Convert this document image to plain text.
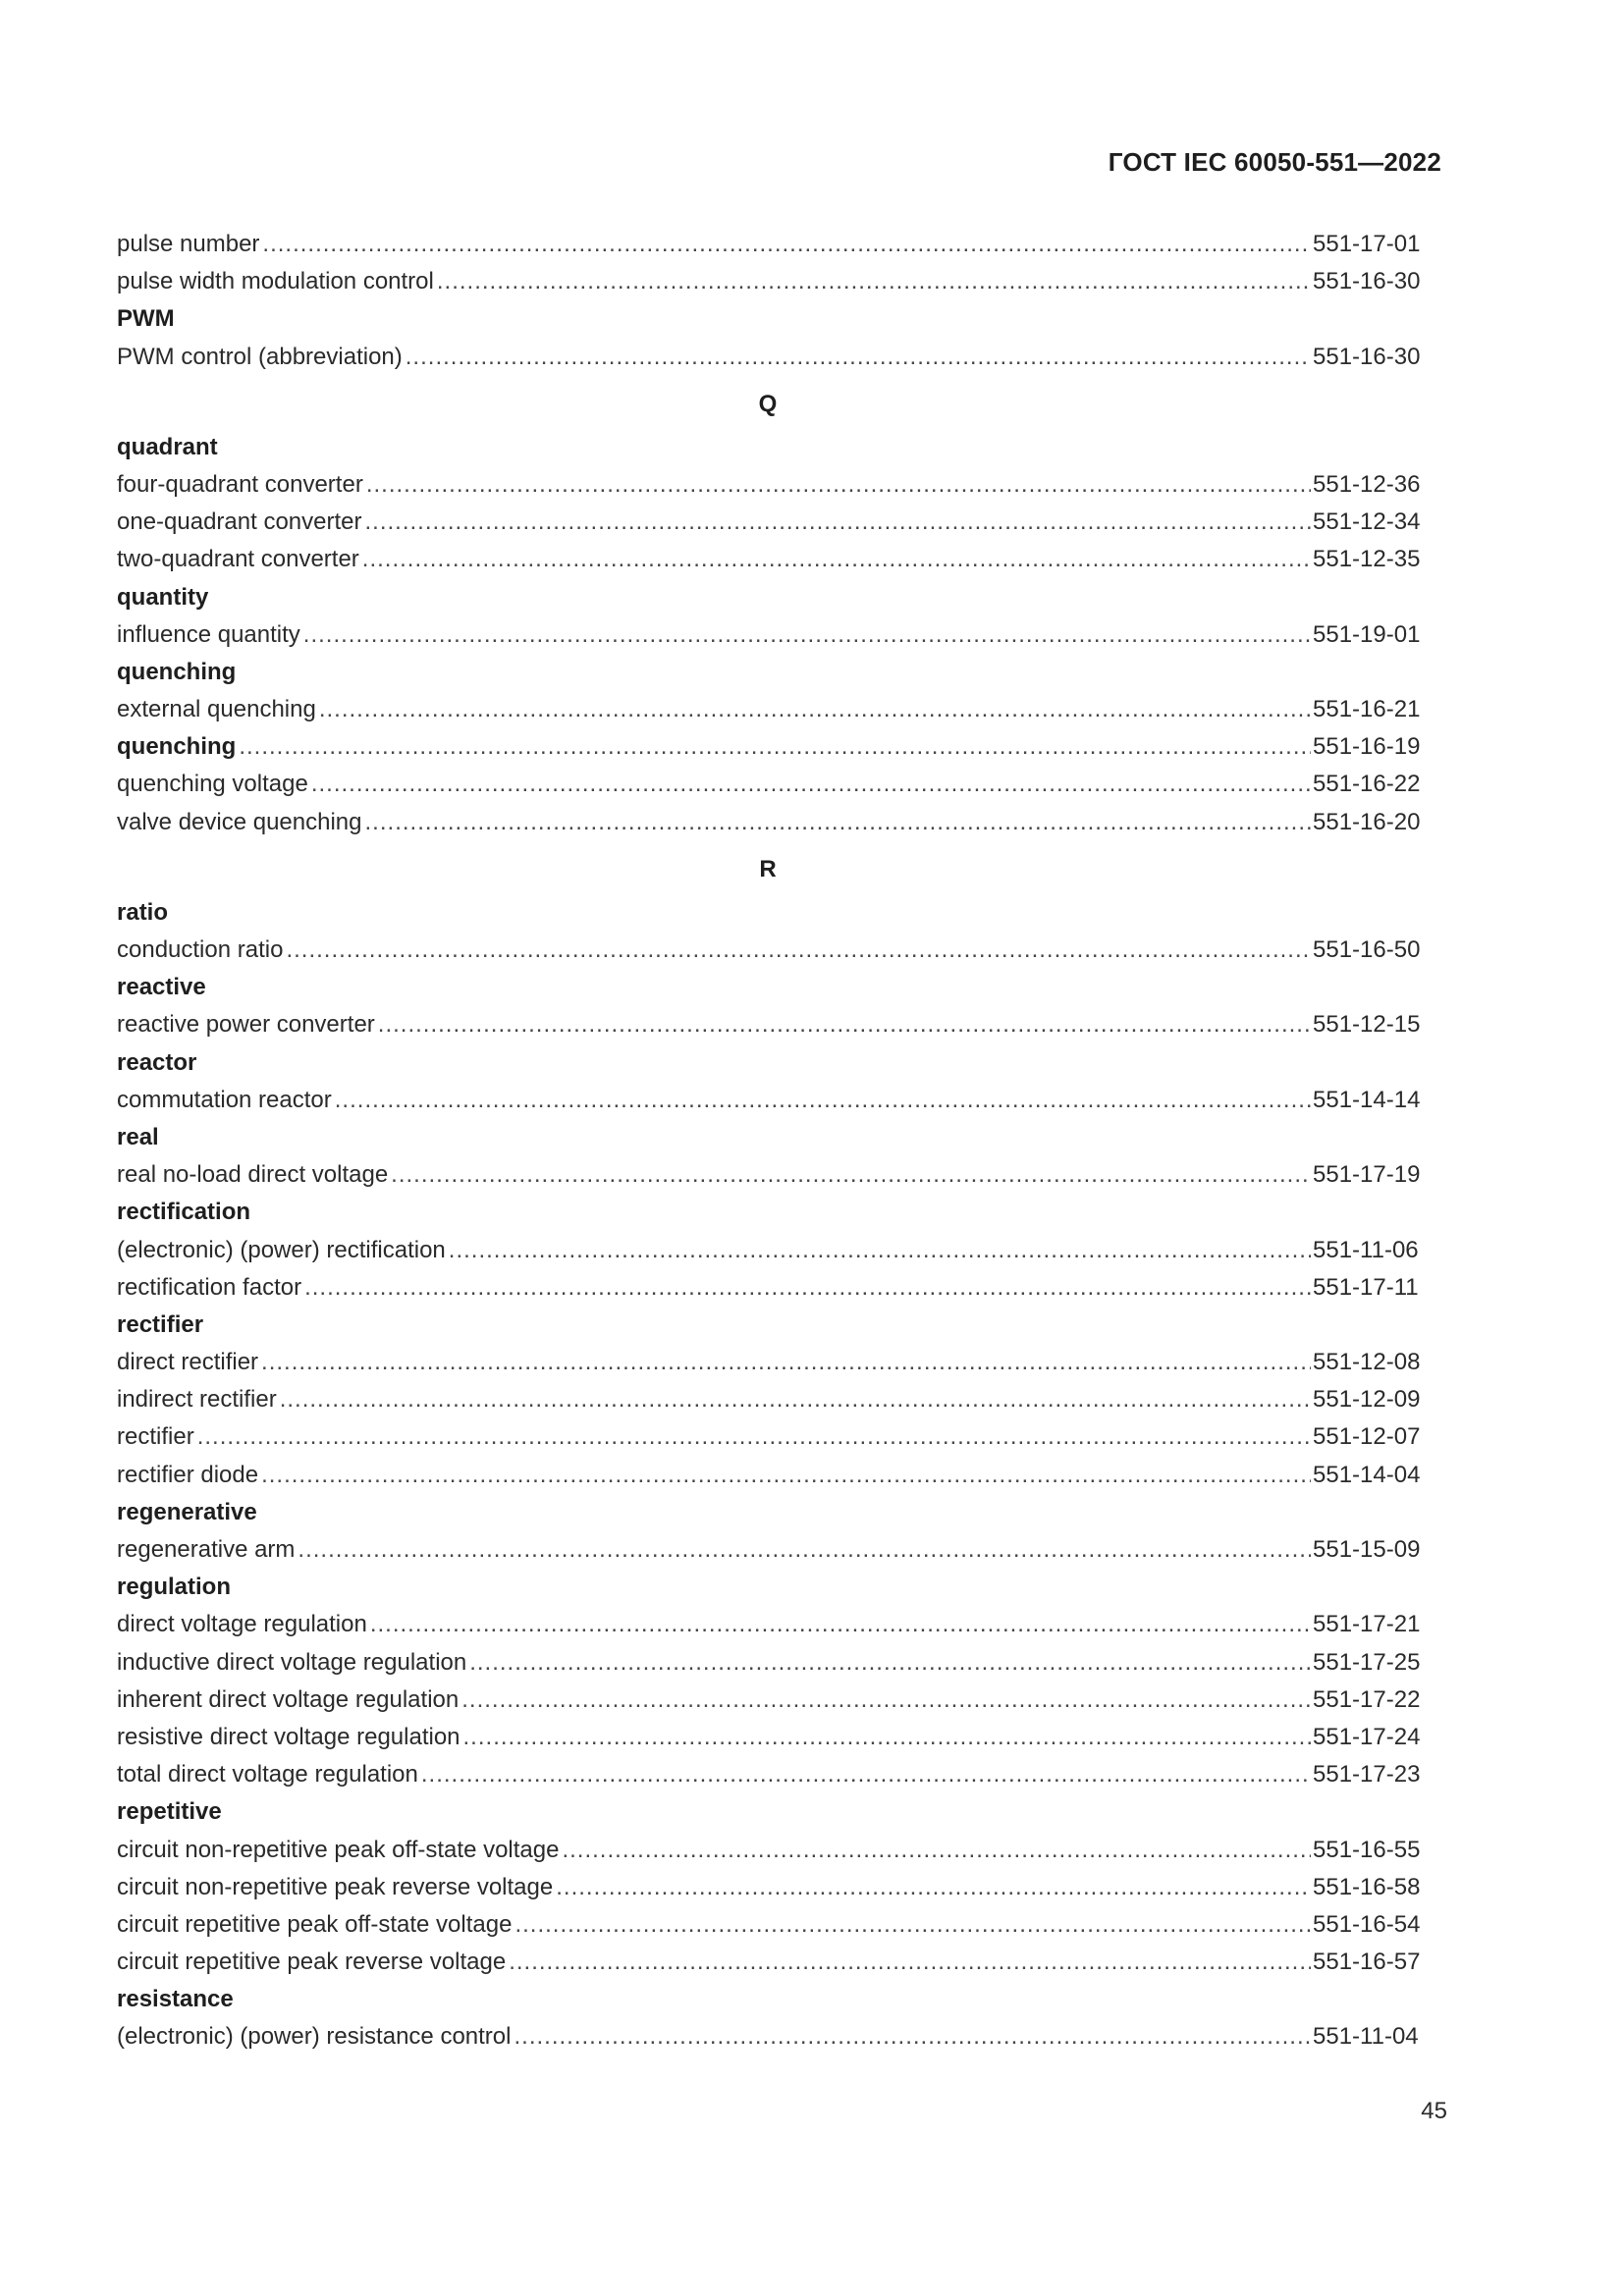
ГОСТ IEC 60050-551—2022
pulse number .....	551-17-01
pulse width modulation control .....	551-16-30
PWM
PWM control (abbreviation) .....	551-16-30
Q
quadrant
four-quadrant converter .....	551-12-36
one-quadrant converter .....	551-12-34
two-quadrant converter .....	551-12-35
quantity
influence quantity .....	551-19-01
quenching
external quenching .....	551-16-21
quenching .....	551-16-19
quenching voltage .....	551-16-22
valve device quenching .....	551-16-20
R
ratio
conduction ratio .....	551-16-50
reactive
reactive power converter .....	551-12-15
reactor
commutation reactor .....	551-14-14
real
real no-load direct voltage .....	551-17-19
rectification
(electronic) (power) rectification .....	551-11-06
rectification factor .....	551-17-11
rectifier
direct rectifier .....	551-12-08
indirect rectifier .....	551-12-09
rectifier .....	551-12-07
rectifier diode .....	551-14-04
regenerative
regenerative arm .....	551-15-09
regulation
direct voltage regulation .....	551-17-21
inductive direct voltage regulation .....	551-17-25
inherent direct voltage regulation .....	551-17-22
resistive direct voltage regulation .....	551-17-24
total direct voltage regulation .....	551-17-23
repetitive
circuit non-repetitive peak off-state voltage .....	551-16-55
circuit non-repetitive peak reverse voltage .....	551-16-58
circuit repetitive peak off-state voltage .....	551-16-54
circuit repetitive peak reverse voltage .....	551-16-57
resistance
(electronic) (power) resistance control .....	551-11-04
45
